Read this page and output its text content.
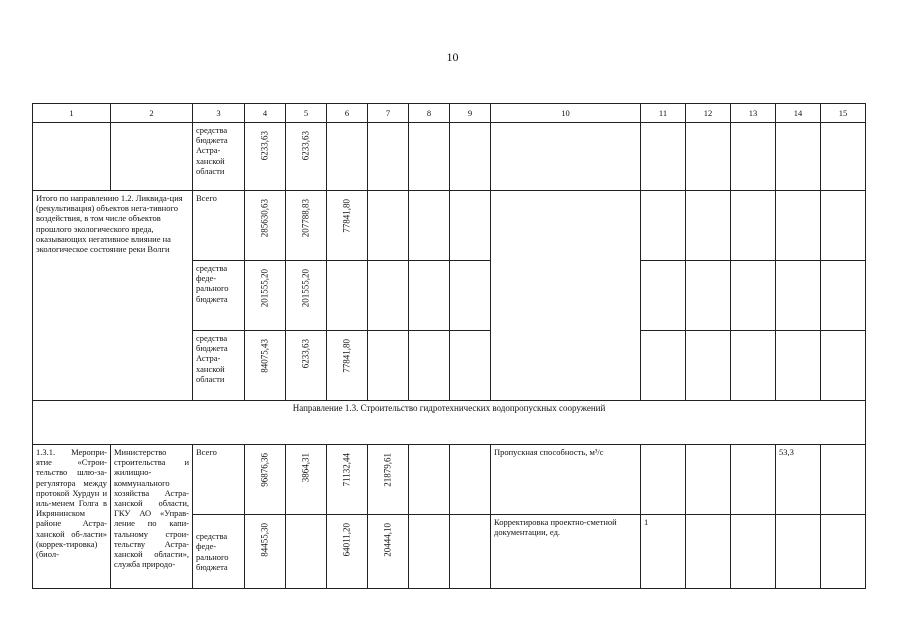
10
1	2	3	4	5	6	7	8	9	10	11	12	13	14	15
		средства бюджета Астра-ханской области	6233,63	6233,63										

Итого по направлению 1.2. Ликвида-ция (рекультивация) объектов нега-тивного воздействия, в том числе объектов прошлого экологического вреда, оказывающих негативное влияние на экологическое состояние реки Волги		Всего	285630,63	207788,83	77841,80									

		средства феде-рального бюджета	201555,20	201555,20										

		средства бюджета Астра-ханской области	84075,43	6233,63	77841,80									

Направление 1.3. Строительство гидротехнических водопропускных сооружений														
1.3.1. Меропри-ятие «Строи-тельство шлю-за-регулятора между протокой Хурдун и иль-менем Голга в Икрянинском районе Астра-ханской об-ласти» (коррек-тировка) (биол-	Министерство строительства и жилищно-коммунального хозяйства Астра-ханской области, ГКУ АО «Управ-ление по капи-тальному строи-тельству Астра-ханской области», служба природо-	Всего	96876,36	3864,31	71132,44	21879,61			Пропускная способность, м³/с				53,3	
		средства феде-рального бюджета	84455,30		64011,20	20444,10			Корректировка проектно-сметной документации, ед.	1				
